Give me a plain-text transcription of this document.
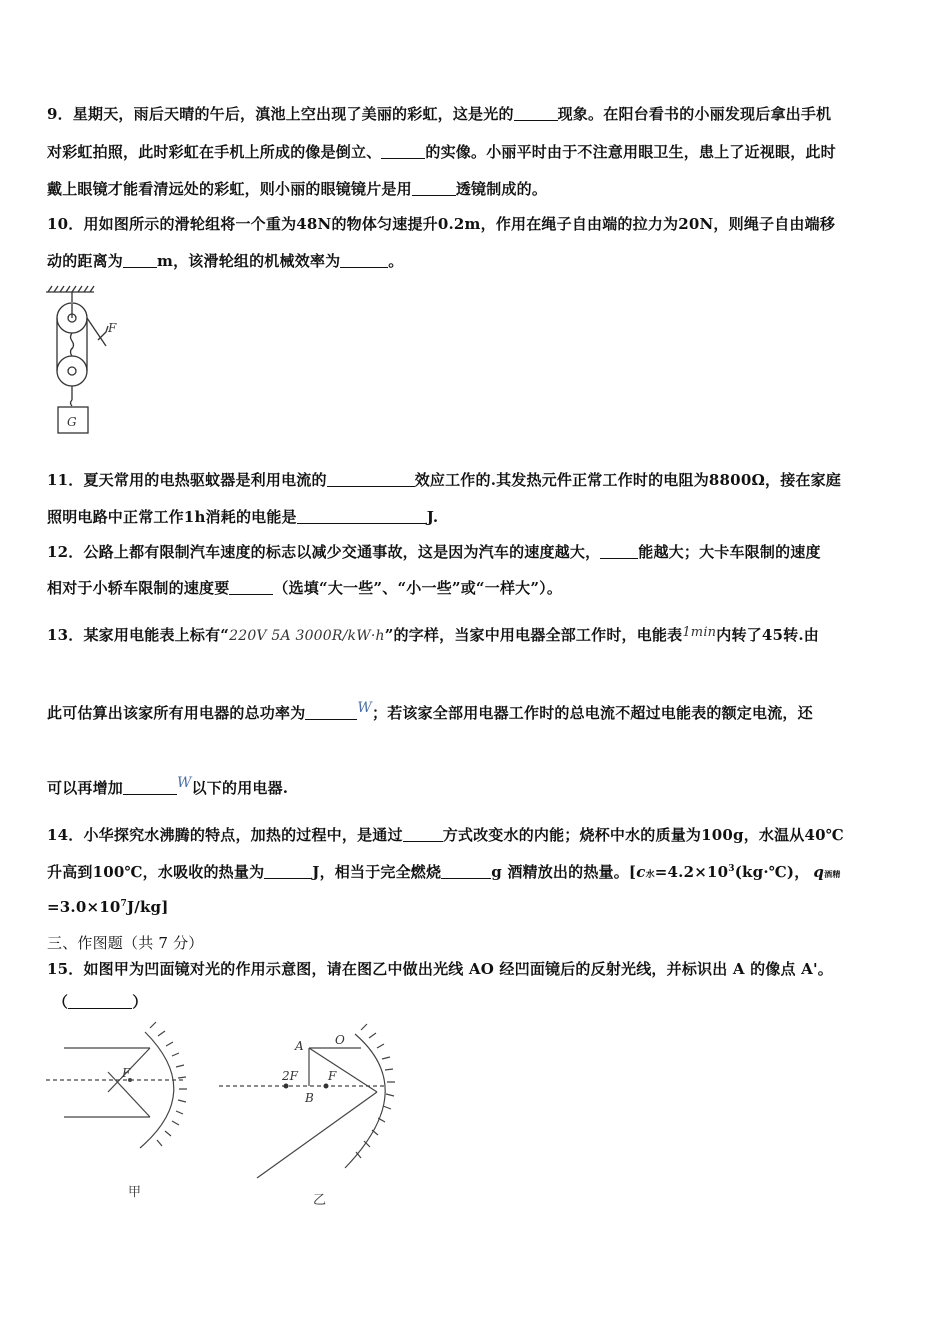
9．星期天，雨后天晴的午后，滇池上空出现了美丽的彩虹，这是光的	现象。在阳台看书的小丽发现后拿出手机
对彩虹拍照，此时彩虹在手机上所成的像是倒立、	的实像。小丽平时由于不注意用眼卫生，患上了近视眼，此时
戴上眼镜才能看清远处的彩虹，则小丽的眼镜镜片是用	透镜制成的。
10．用如图所示的滑轮组将一个重为48N的物体匀速提升0.2m，作用在绳子自由端的拉力为20N，则绳子自由端移
动的距离为 m，该滑轮组的机械效率为	。
F
G
11．夏天常用的电热驱蚊器是利用电流的	效应工作的.其发热元件正常工作时的电阻为8800Ω，接在家庭
照明电路中正常工作1h消耗的电能是	J.
12．公路上都有限制汽车速度的标志以减少交通事故，这是因为汽车的速度越大，	能越大；大卡车限制的速度
相对于小轿车限制的速度要	（选填“大一些”、“小一些”或“一样大”）。
13．某家用电能表上标有“220V 5A 3000R/kW·h”的字样，当家中用电器全部工作时，电能表1min内转了45转.由
此可估算出该家所有用电器的总功率为	W；若该家全部用电器工作时的总电流不超过电能表的额定电流，还
可以再增加	W以下的用电器.
14．小华探究水沸腾的特点，加热的过程中，是通过	方式改变水的内能；烧杯中水的质量为100g，水温从40℃
升高到100℃，水吸收的热量为	J，相当于完全燃烧	g 酒精放出的热量。[c水$=4.2\times 10^3(kg\cdot℃)$， q酒精
$=3.0\times 10^7J/kg$]
三、作图题（共 7 分）
15．如图甲为凹面镜对光的作用示意图，请在图乙中做出光线 AO 经凹面镜后的反射光线，并标识出 A 的像点 A'。
（	）
F
甲
A	O
2F	F
B
乙
